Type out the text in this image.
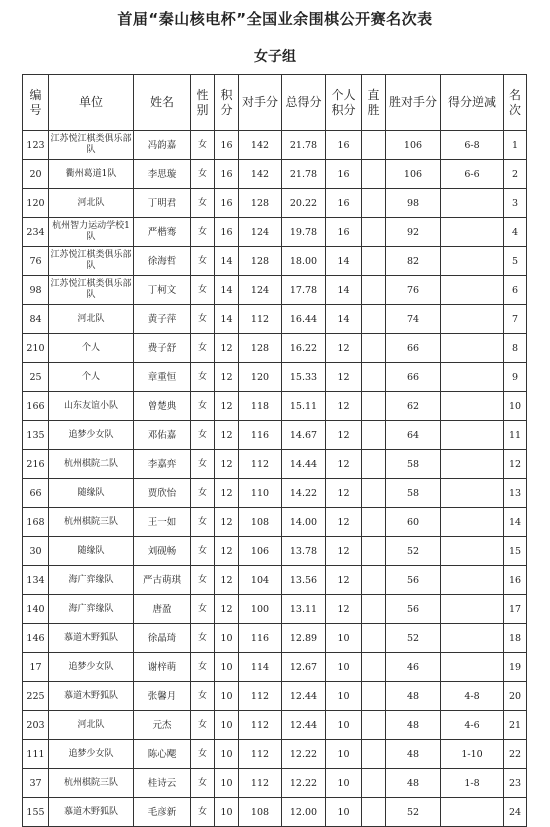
首届“秦山核电杯”全国业余围棋公开赛名次表
女子组
编号	单位	姓名	性别	积分	对手分	总得分	个人积分	直胜	胜对手分	得分逆减	名次
123	江苏悦江棋类俱乐部队	冯韵嘉	女	16	142	21.78	16		106	6-8	1
20	衢州葛道1队	李思璇	女	16	142	21.78	16		106	6-6	2
120	河北队	丁明君	女	16	128	20.22	16		98		3
234	杭州智力运动学校1队	严楷骞	女	16	124	19.78	16		92		4
76	江苏悦江棋类俱乐部队	徐海哲	女	14	128	18.00	14		82		5
98	江苏悦江棋类俱乐部队	丁柯文	女	14	124	17.78	14		76		6
84	河北队	黄子萍	女	14	112	16.44	14		74		7
210	个人	费子舒	女	12	128	16.22	12		66		8
25	个人	章重恒	女	12	120	15.33	12		66		9
166	山东友谊小队	曾楚典	女	12	118	15.11	12		62		10
135	追梦少女队	邓佑嘉	女	12	116	14.67	12		64		11
216	杭州棋院二队	李嘉弈	女	12	112	14.44	12		58		12
66	随缘队	贾欣怡	女	12	110	14.22	12		58		13
168	杭州棋院三队	王一如	女	12	108	14.00	12		60		14
30	随缘队	刘砚畅	女	12	106	13.78	12		52		15
134	海广弈缘队	严古萌琪	女	12	104	13.56	12		56		16
140	海广弈缘队	唐盈	女	12	100	13.11	12		56		17
146	慕道木野狐队	徐晶琦	女	10	116	12.89	10		52		18
17	追梦少女队	谢梓萌	女	10	114	12.67	10		46		19
225	慕道木野狐队	张馨月	女	10	112	12.44	10		48	4-8	20
203	河北队	元杰	女	10	112	12.44	10		48	4-6	21
111	追梦少女队	陈心飔	女	10	112	12.22	10		48	1-10	22
37	杭州棋院三队	桂诗云	女	10	112	12.22	10		48	1-8	23
155	慕道木野狐队	毛彦新	女	10	108	12.00	10		52		24
